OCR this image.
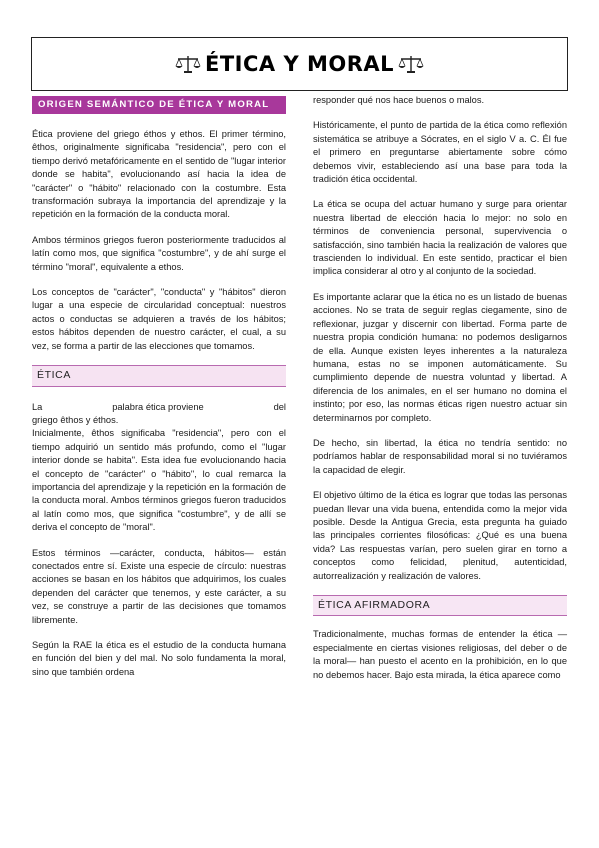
ÉTICA Y MORAL
ORIGEN SEMÁNTICO DE ÉTICA Y MORAL

Ética proviene del griego éthos y ethos. El primer término, êthos, originalmente significaba "residencia", pero con el tiempo derivó metafóricamente en el sentido de "lugar interior donde se habita", evolucionando así hacia la idea de "carácter" o "hábito" relacionado con la costumbre. Esta transformación subraya la importancia del aprendizaje y la repetición en la formación de la conducta moral.

Ambos términos griegos fueron posteriormente traducidos al latín como mos, que significa "costumbre", y de ahí surge el término "moral", equivalente a ethos.

Los conceptos de "carácter", "conducta" y "hábitos" dieron lugar a una especie de circularidad conceptual: nuestros actos o conductas se adquieren a través de los hábitos; estos hábitos dependen de nuestro carácter, el cual, a su vez, se forma a partir de las elecciones que tomamos.

ÉTICA

La	palabra ética proviene	del
griego êthos y éthos.
Inicialmente, êthos significaba "residencia", pero con el tiempo adquirió un sentido más profundo, como el "lugar interior donde se habita". Esta idea fue evolucionando hacia el concepto de "carácter" o "hábito", lo cual remarca la importancia del aprendizaje y la repetición en la formación de la conducta moral. Ambos términos griegos fueron traducidos al latín como mos, que significa "costumbre", y de allí se deriva el concepto de "moral".

Estos términos —carácter, conducta, hábitos— están conectados entre sí. Existe una especie de círculo: nuestras acciones se basan en los hábitos que adquirimos, los cuales dependen del carácter que tenemos, y este carácter, a su vez, se construye a partir de las decisiones que tomamos libremente.

Según la RAE la ética es el estudio de la conducta humana en función del bien y del mal. No solo fundamenta la moral, sino que también ordena

responder qué nos hace buenos o malos.

Históricamente, el punto de partida de la ética como reflexión sistemática se atribuye a Sócrates, en el siglo V a. C. Él fue el primero en preguntarse abiertamente sobre cómo debemos vivir, estableciendo así una base para toda la tradición ética occidental.

La ética se ocupa del actuar humano y surge para orientar nuestra libertad de elección hacia lo mejor: no solo en términos de conveniencia personal, supervivencia o satisfacción, sino también hacia la realización de valores que trascienden lo individual. En este sentido, practicar el bien implica considerar al otro y al conjunto de la sociedad.

Es importante aclarar que la ética no es un listado de buenas acciones. No se trata de seguir reglas ciegamente, sino de reflexionar, juzgar y discernir con libertad. Forma parte de nuestra propia condición humana: no podemos desligarnos de ella. Aunque existen leyes inherentes a la naturaleza humana, estas no se imponen automáticamente. Su cumplimiento depende de nuestra voluntad y libertad. A diferencia de los animales, en el ser humano no domina el instinto; por eso, las normas éticas rigen nuestro actuar sin determinarnos por completo.

De hecho, sin libertad, la ética no tendría sentido: no podríamos hablar de responsabilidad moral si no tuviéramos la capacidad de elegir.

El objetivo último de la ética es lograr que todas las personas puedan llevar una vida buena, entendida como la mejor vida posible. Desde la Antigua Grecia, esta pregunta ha guiado las principales corrientes filosóficas: ¿Qué es una buena vida? Las respuestas varían, pero suelen girar en torno a conceptos como felicidad, plenitud, autenticidad, autorrealización y realización de valores.

ÉTICA AFIRMADORA

Tradicionalmente, muchas formas de entender la ética —especialmente en ciertas visiones religiosas, del deber o de la moral— han puesto el acento en la prohibición, en lo que no debemos hacer. Bajo esta mirada, la ética aparece como
